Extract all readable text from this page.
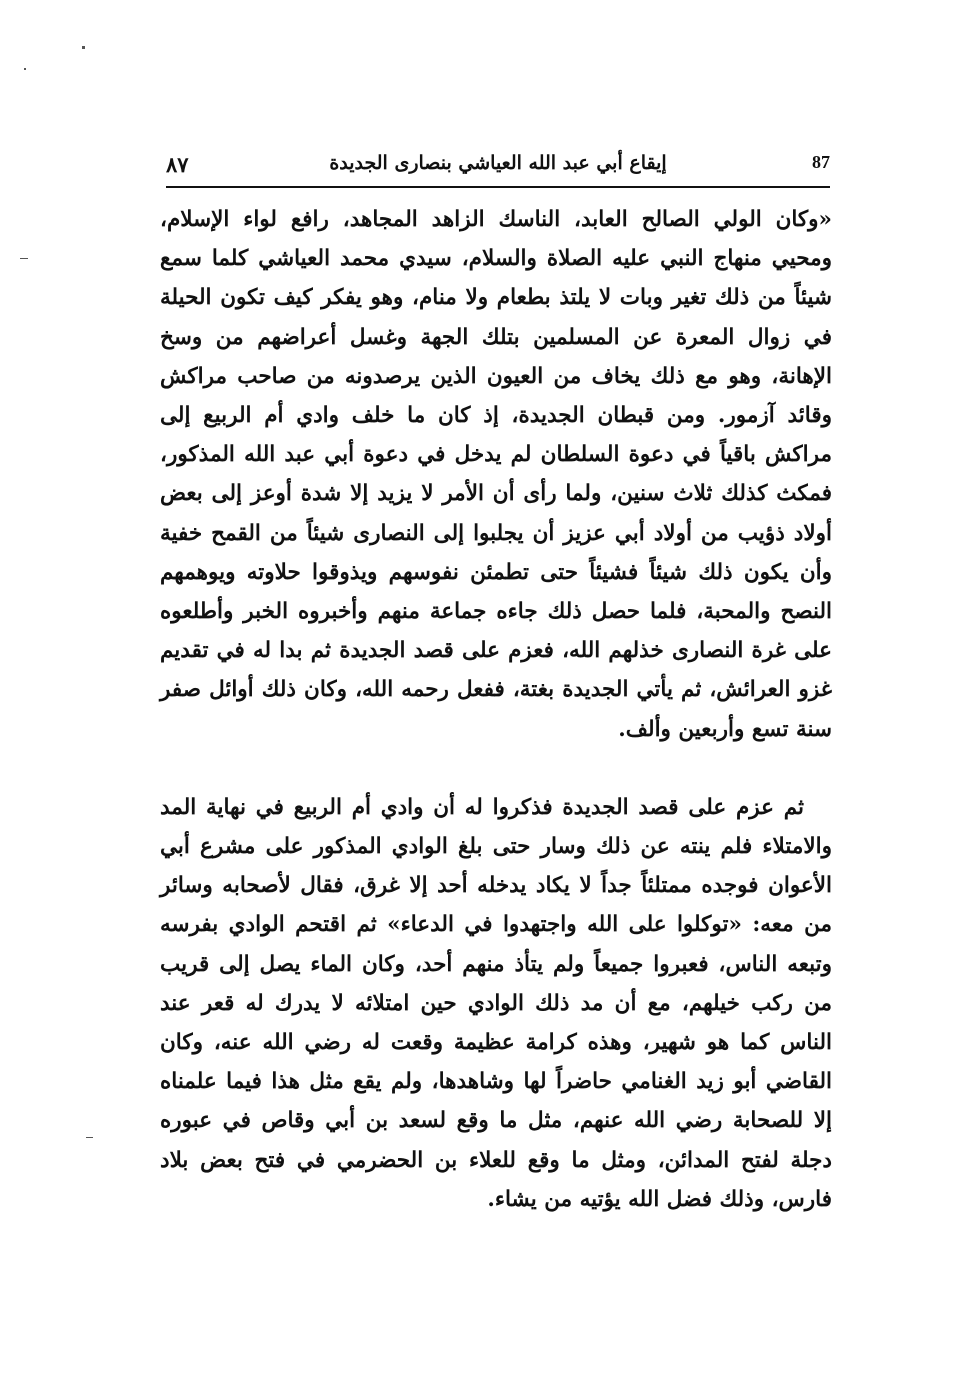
٨٧	إيقاع أبي عبد الله العياشي بنصارى الجديدة	87

«وكان الولي الصالح العابد، الناسك الزاهد المجاهد، رافع لواء الإسلام، ومحيي منهاج النبي عليه الصلاة والسلام، سيدي محمد العياشي كلما سمع شيئاً من ذلك تغير وبات لا يلتذ بطعام ولا منام، وهو يفكر كيف تكون الحيلة في زوال المعرة عن المسلمين بتلك الجهة وغسل أعراضهم من وسخ الإهانة، وهو مع ذلك يخاف من العيون الذين يرصدونه من صاحب مراكش وقائد آزمور. ومن قبطان الجديدة، إذ كان ما خلف وادي أم الربيع إلى مراكش باقياً في دعوة السلطان لم يدخل في دعوة أبي عبد الله المذكور، فمكث كذلك ثلاث سنين، ولما رأى أن الأمر لا يزيد إلا شدة أوعز إلى بعض أولاد ذؤيب من أولاد أبي عزيز أن يجلبوا إلى النصارى شيئاً من القمح خفية وأن يكون ذلك شيئاً فشيئاً حتى تطمئن نفوسهم ويذوقوا حلاوته ويوهمهم النصح والمحبة، فلما حصل ذلك جاءه جماعة منهم وأخبروه الخبر وأطلعوه على غرة النصارى خذلهم الله، فعزم على قصد الجديدة ثم بدا له في تقديم غزو العرائش، ثم يأتي الجديدة بغتة، ففعل رحمه الله، وكان ذلك أوائل صفر سنة تسع وأربعين وألف.

ثم عزم على قصد الجديدة فذكروا له أن وادي أم الربيع في نهاية المد والامتلاء فلم ينته عن ذلك وسار حتى بلغ الوادي المذكور على مشرع أبي الأعوان فوجده ممتلئاً جداً لا يكاد يدخله أحد إلا غرق، فقال لأصحابه وسائر من معه: «توكلوا على الله واجتهدوا في الدعاء» ثم اقتحم الوادي بفرسه وتبعه الناس، فعبروا جميعاً ولم يتأذ منهم أحد، وكان الماء يصل إلى قريب من ركب خيلهم، مع أن مد ذلك الوادي حين امتلائه لا يدرك له قعر عند الناس كما هو شهير، وهذه كرامة عظيمة وقعت له رضي الله عنه، وكان القاضي أبو زيد الغنامي حاضراً لها وشاهدها، ولم يقع مثل هذا فيما علمناه إلا للصحابة رضي الله عنهم، مثل ما وقع لسعد بن أبي وقاص في عبوره دجلة لفتح المدائن، ومثل ما وقع للعلاء بن الحضرمي في فتح بعض بلاد فارس، وذلك فضل الله يؤتيه من يشاء.
